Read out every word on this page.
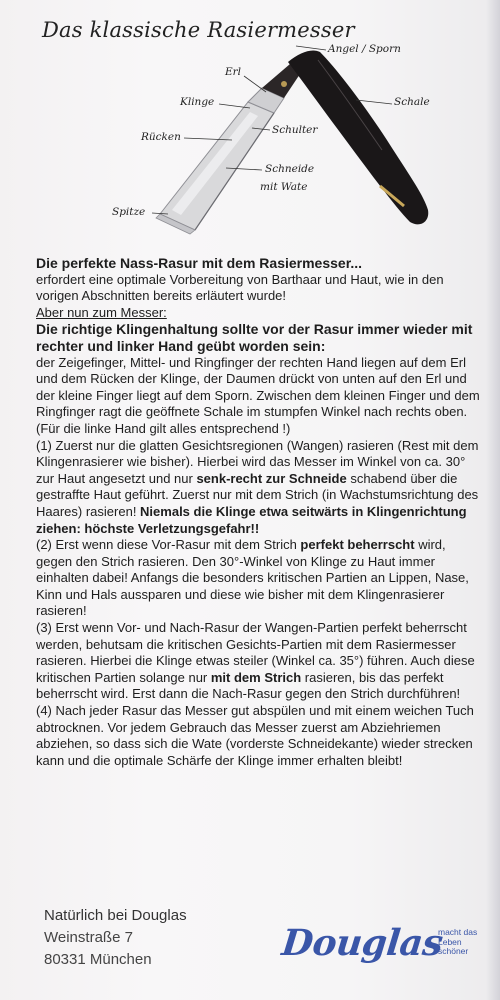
Das klassische Rasiermesser
Angel / Sporn
Erl
Klinge	Schale
Rücken
Schulter
Schneide
mit Wate
Spitze

Die perfekte Nass-Rasur mit dem Rasiermesser...

erfordert eine optimale Vorbereitung von Barthaar und Haut, wie in den vorigen Abschnitten bereits erläutert wurde!

Aber nun zum Messer:

Die richtige Klingenhaltung sollte vor der Rasur immer wieder mit rechter und linker Hand geübt worden sein:

der Zeigefinger, Mittel- und Ringfinger der rechten Hand liegen auf dem Erl und dem Rücken der Klinge, der Daumen drückt von unten auf den Erl und der kleine Finger liegt auf dem Sporn. Zwischen dem kleinen Finger und dem Ringfinger ragt die geöffnete Schale im stumpfen Winkel nach rechts oben. (Für die linke Hand gilt alles entsprechend !)

(1) Zuerst nur die glatten Gesichtsregionen (Wangen) rasieren (Rest mit dem Klingenrasierer wie bisher). Hierbei wird das Messer im Winkel von ca. 30° zur Haut angesetzt und nur senk-recht zur Schneide schabend über die gestraffte Haut geführt. Zuerst nur mit dem Strich (in Wachstumsrichtung des Haares) rasieren! Niemals die Klinge etwa seitwärts in Klingenrichtung ziehen: höchste Verletzungsgefahr!!

(2) Erst wenn diese Vor-Rasur mit dem Strich perfekt beherrscht wird, gegen den Strich rasieren. Den 30°-Winkel von Klinge zu Haut immer einhalten dabei! Anfangs die besonders kritischen Partien an Lippen, Nase, Kinn und Hals aussparen und diese wie bisher mit dem Klingenrasierer rasieren!

(3) Erst wenn Vor- und Nach-Rasur der Wangen-Partien perfekt beherrscht werden, behutsam die kritischen Gesichts-Partien mit dem Rasiermesser rasieren. Hierbei die Klinge etwas steiler (Winkel ca. 35°) führen. Auch diese kritischen Partien solange nur mit dem Strich rasieren, bis das perfekt beherrscht wird. Erst dann die Nach-Rasur gegen den Strich durchführen!

(4) Nach jeder Rasur das Messer gut abspülen und mit einem weichen Tuch abtrocknen. Vor jedem Gebrauch das Messer zuerst am Abziehriemen abziehen, so dass sich die Wate (vorderste Schneidekante) wieder strecken kann und die optimale Schärfe der Klinge immer erhalten bleibt!

Natürlich bei Douglas
Weinstraße 7
80331 München	Douglas
macht das Leben schöner
